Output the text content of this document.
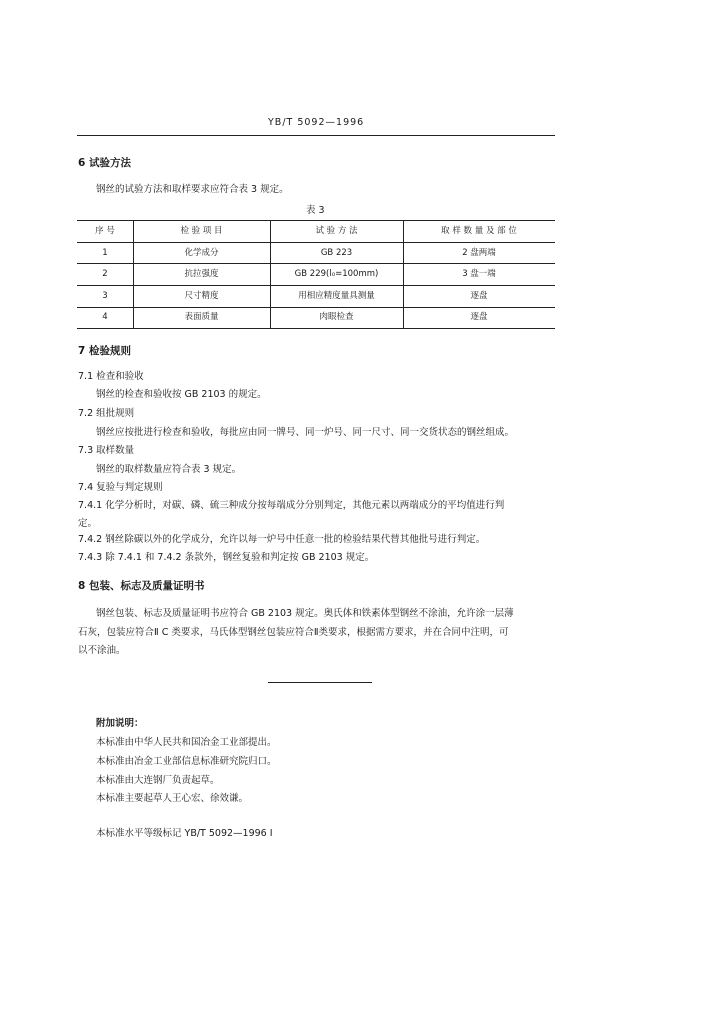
YB/T 5092—1996
6 试验方法
钢丝的试验方法和取样要求应符合表 3 规定。
表 3
序 号	检 验 项 目	试 验 方 法	取 样 数 量 及 部 位
1	化学成分	GB 223	2 盘两端
2	抗拉强度	GB 229(l₀=100mm)	3 盘一端
3	尺寸精度	用相应精度量具测量	逐盘
4	表面质量	肉眼检查	逐盘
7 检验规则
7.1 检查和验收
钢丝的检查和验收按 GB 2103 的规定。
7.2 组批规则
钢丝应按批进行检查和验收，每批应由同一牌号、同一炉号、同一尺寸、同一交货状态的钢丝组成。
7.3 取样数量
钢丝的取样数量应符合表 3 规定。
7.4 复验与判定规则
7.4.1 化学分析时，对碳、磷、硫三种成分按每端成分分别判定，其他元素以两端成分的平均值进行判
定。
7.4.2 钢丝除碳以外的化学成分，允许以每一炉号中任意一批的检验结果代替其他批号进行判定。
7.4.3 除 7.4.1 和 7.4.2 条款外，钢丝复验和判定按 GB 2103 规定。
8 包装、标志及质量证明书
钢丝包装、标志及质量证明书应符合 GB 2103 规定。奥氏体和铁素体型钢丝不涂油，允许涂一层薄
石灰，包装应符合Ⅱ C 类要求，马氏体型钢丝包装应符合Ⅱ类要求，根据需方要求，并在合同中注明，可
以不涂油。
附加说明：
本标准由中华人民共和国冶金工业部提出。
本标准由冶金工业部信息标准研究院归口。
本标准由大连钢厂负责起草。
本标准主要起草人王心宏、徐效谦。
本标准水平等级标记 YB/T 5092—1996 I
